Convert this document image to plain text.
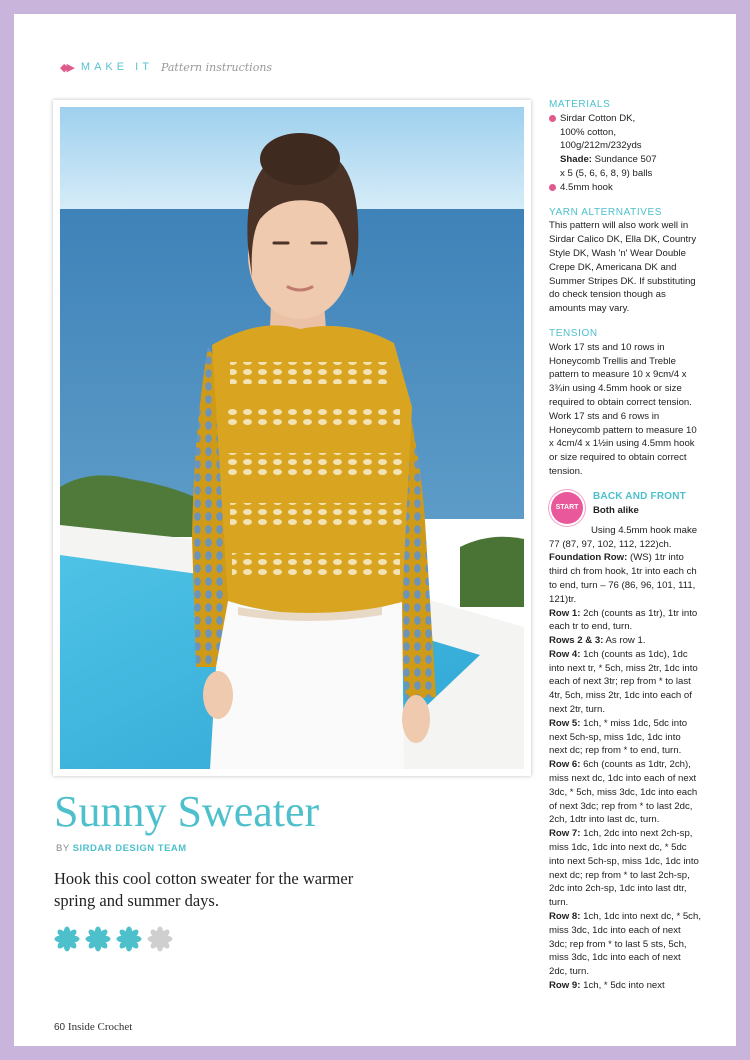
◆▶ MAKE IT Pattern instructions
Sunny Sweater
BY SIRDAR DESIGN TEAM
Hook this cool cotton sweater for the warmer spring and summer days.
60 Inside Crochet
MATERIALS
Sirdar Cotton DK,
100% cotton,
100g/212m/232yds
Shade: Sundance 507
x 5 (5, 6, 6, 8, 9) balls
4.5mm hook
YARN ALTERNATIVES
This pattern will also work well in Sirdar Calico DK, Ella DK, Country Style DK, Wash 'n' Wear Double Crepe DK, Americana DK and Summer Stripes DK. If substituting do check tension though as amounts may vary.
TENSION
Work 17 sts and 10 rows in Honeycomb Trellis and Treble pattern to measure 10 x 9cm/4 x 3¾in using 4.5mm hook or size required to obtain correct tension. Work 17 sts and 6 rows in Honeycomb pattern to measure 10 x 4cm/4 x 1½in using 4.5mm hook or size required to obtain correct tension.
START
BACK AND FRONT
Both alike
Using 4.5mm hook make 77 (87, 97, 102, 112, 122)ch.

Foundation Row: (WS) 1tr into third ch from hook, 1tr into each ch to end, turn – 76 (86, 96, 101, 111, 121)tr.

Row 1: 2ch (counts as 1tr), 1tr into each tr to end, turn.

Rows 2 & 3: As row 1.

Row 4: 1ch (counts as 1dc), 1dc into next tr, * 5ch, miss 2tr, 1dc into each of next 3tr; rep from * to last 4tr, 5ch, miss 2tr, 1dc into each of next 2tr, turn.

Row 5: 1ch, * miss 1dc, 5dc into next 5ch-sp, miss 1dc, 1dc into next dc; rep from * to end, turn.

Row 6: 6ch (counts as 1dtr, 2ch), miss next dc, 1dc into each of next 3dc, * 5ch, miss 3dc, 1dc into each of next 3dc; rep from * to last 2dc, 2ch, 1dtr into last dc, turn.

Row 7: 1ch, 2dc into next 2ch-sp, miss 1dc, 1dc into next dc, * 5dc into next 5ch-sp, miss 1dc, 1dc into next dc; rep from * to last 2ch-sp, 2dc into 2ch-sp, 1dc into last dtr, turn.

Row 8: 1ch, 1dc into next dc, * 5ch, miss 3dc, 1dc into each of next 3dc; rep from * to last 5 sts, 5ch, miss 3dc, 1dc into each of next 2dc, turn.

Row 9: 1ch, * 5dc into next
